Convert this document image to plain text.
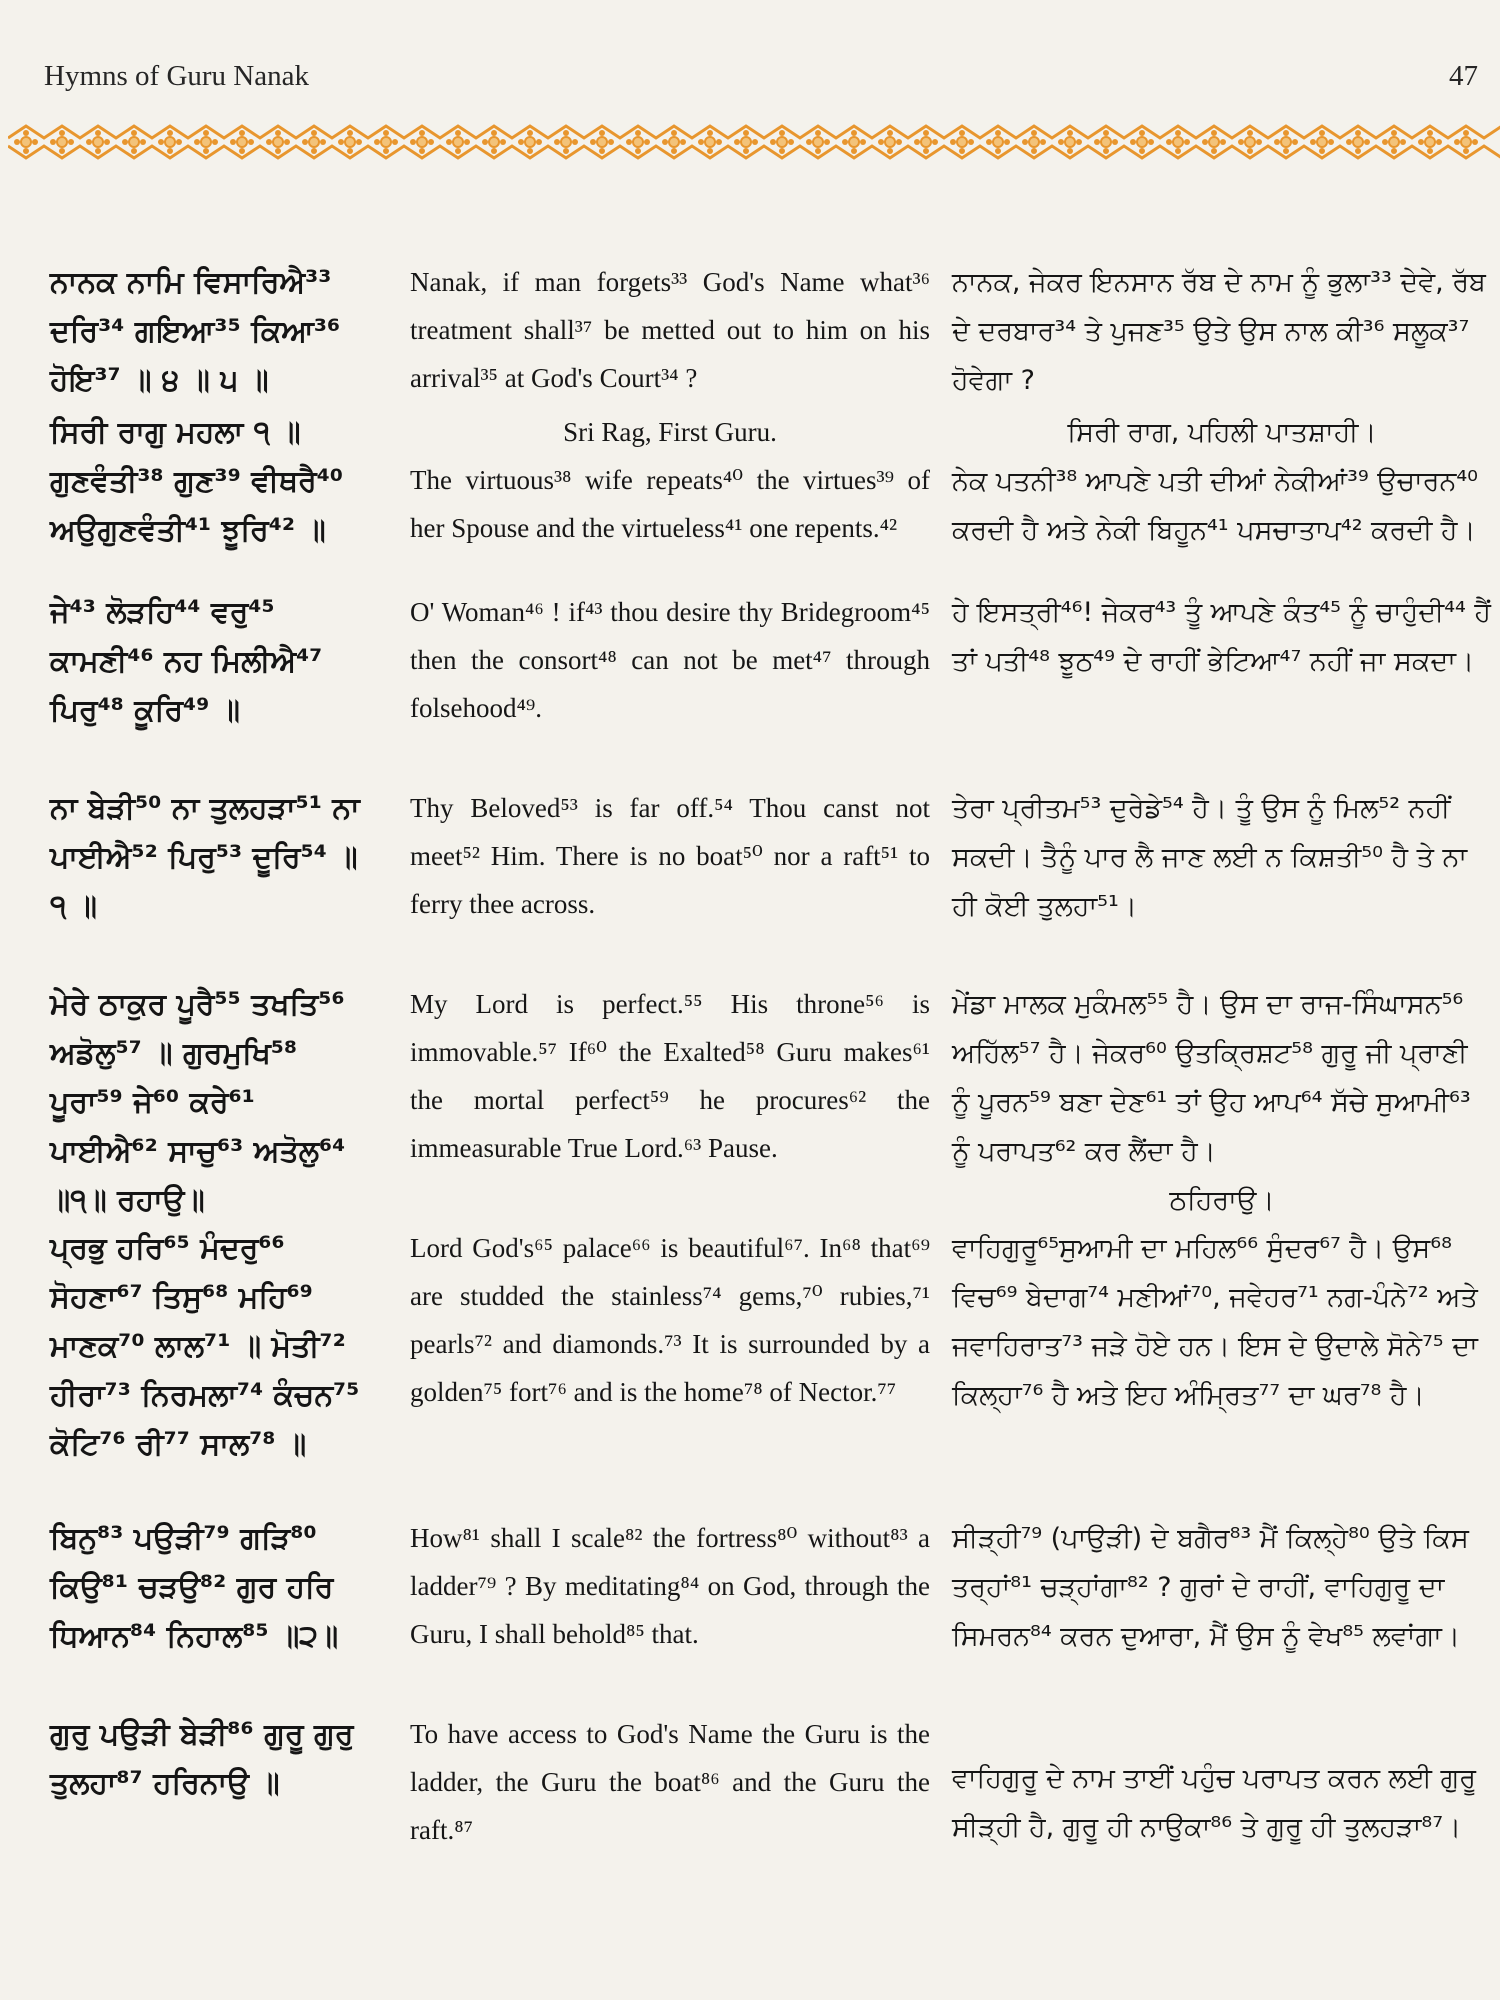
Hymns of Guru Nanak	47
ਨਾਨਕ ਨਾਮਿ ਵਿਸਾਰਿਐ³³ ਦਰਿ³⁴ ਗਇਆ³⁵ ਕਿਆ³⁶ ਹੋਇ³⁷ ॥ ੪ ॥ ੫ ॥
Nanak, if man forgets³³ God's Name what³⁶ treatment shall³⁷ be metted out to him on his arrival³⁵ at God's Court³⁴ ?
ਨਾਨਕ, ਜੇਕਰ ਇਨਸਾਨ ਰੱਬ ਦੇ ਨਾਮ ਨੂੰ ਭੁਲਾ³³ ਦੇਵੇ, ਰੱਬ ਦੇ ਦਰਬਾਰ³⁴ ਤੇ ਪੁਜਣ³⁵ ਉਤੇ ਉਸ ਨਾਲ ਕੀ³⁶ ਸਲੂਕ³⁷ ਹੋਵੇਗਾ ?
ਸਿਰੀ ਰਾਗੁ ਮਹਲਾ ੧ ॥ ਗੁਣਵੰਤੀ³⁸ ਗੁਣ³⁹ ਵੀਥਰੈ⁴⁰ ਅਉਗੁਣਵੰਤੀ⁴¹ ਝੂਰਿ⁴² ॥
Sri Rag, First Guru.
The virtuous³⁸ wife repeats⁴⁰ the virtues³⁹ of her Spouse and the virtueless⁴¹ one repents.⁴²
ਸਿਰੀ ਰਾਗ, ਪਹਿਲੀ ਪਾਤਸ਼ਾਹੀ।
ਨੇਕ ਪਤਨੀ³⁸ ਆਪਣੇ ਪਤੀ ਦੀਆਂ ਨੇਕੀਆਂ³⁹ ਉਚਾਰਨ⁴⁰ ਕਰਦੀ ਹੈ ਅਤੇ ਨੇਕੀ ਬਿਹੂਨ⁴¹ ਪਸਚਾਤਾਪ⁴² ਕਰਦੀ ਹੈ।
ਜੇ⁴³ ਲੋੜਹਿ⁴⁴ ਵਰੁ⁴⁵ ਕਾਮਣੀ⁴⁶ ਨਹ ਮਿਲੀਐ⁴⁷ ਪਿਰੁ⁴⁸ ਕੂਰਿ⁴⁹ ॥
O' Woman⁴⁶ ! if⁴³ thou desire thy Bridegroom⁴⁵ then the consort⁴⁸ can not be met⁴⁷ through folsehood⁴⁹.
ਹੇ ਇਸਤ੍ਰੀ⁴⁶! ਜੇਕਰ⁴³ ਤੂੰ ਆਪਣੇ ਕੰਤ⁴⁵ ਨੂੰ ਚਾਹੁੰਦੀ⁴⁴ ਹੈਂ ਤਾਂ ਪਤੀ⁴⁸ ਝੂਠ⁴⁹ ਦੇ ਰਾਹੀਂ ਭੇਟਿਆ⁴⁷ ਨਹੀਂ ਜਾ ਸਕਦਾ।
ਨਾ ਬੇੜੀ⁵⁰ ਨਾ ਤੁਲਹੜਾ⁵¹ ਨਾ ਪਾਈਐ⁵² ਪਿਰੁ⁵³ ਦੂਰਿ⁵⁴ ॥ ੧ ॥
Thy Beloved⁵³ is far off.⁵⁴ Thou canst not meet⁵² Him. There is no boat⁵⁰ nor a raft⁵¹ to ferry thee across.
ਤੇਰਾ ਪ੍ਰੀਤਮ⁵³ ਦੁਰੇਡੇ⁵⁴ ਹੈ। ਤੂੰ ਉਸ ਨੂੰ ਮਿਲ⁵² ਨਹੀਂ ਸਕਦੀ। ਤੈਨੂੰ ਪਾਰ ਲੈ ਜਾਣ ਲਈ ਨ ਕਿਸ਼ਤੀ⁵⁰ ਹੈ ਤੇ ਨਾ ਹੀ ਕੋਈ ਤੁਲਹਾ⁵¹।
ਮੇਰੇ ਠਾਕੁਰ ਪੂਰੈ⁵⁵ ਤਖਤਿ⁵⁶ ਅਡੋਲੁ⁵⁷ ॥ ਗੁਰਮੁਖਿ⁵⁸ ਪੂਰਾ⁵⁹ ਜੇ⁶⁰ ਕਰੇ⁶¹ ਪਾਈਐ⁶² ਸਾਚੁ⁶³ ਅਤੋਲੁ⁶⁴ ॥੧॥ ਰਹਾਉ॥
My Lord is perfect.⁵⁵ His throne⁵⁶ is immovable.⁵⁷ If⁶⁰ the Exalted⁵⁸ Guru makes⁶¹ the mortal perfect⁵⁹ he procures⁶² the immeasurable True Lord.⁶³ Pause.
ਮੇਂਡਾ ਮਾਲਕ ਮੁਕੰਮਲ⁵⁵ ਹੈ। ਉਸ ਦਾ ਰਾਜ-ਸਿੰਘਾਸਨ⁵⁶ ਅਹਿੱਲ⁵⁷ ਹੈ। ਜੇਕਰ⁶⁰ ਉਤਕ੍ਰਿਸ਼ਟ⁵⁸ ਗੁਰੂ ਜੀ ਪ੍ਰਾਣੀ ਨੂੰ ਪੂਰਨ⁵⁹ ਬਣਾ ਦੇਣ⁶¹ ਤਾਂ ਉਹ ਆਪ⁶⁴ ਸੱਚੇ ਸੁਆਮੀ⁶³ ਨੂੰ ਪਰਾਪਤ⁶² ਕਰ ਲੈਂਦਾ ਹੈ।
ਠਹਿਰਾਉ।
ਪ੍ਰਭੁ ਹਰਿ⁶⁵ ਮੰਦਰੁ⁶⁶ ਸੋਹਣਾ⁶⁷ ਤਿਸੁ⁶⁸ ਮਹਿ⁶⁹ ਮਾਣਕ⁷⁰ ਲਾਲ⁷¹ ॥ ਮੋਤੀ⁷² ਹੀਰਾ⁷³ ਨਿਰਮਲਾ⁷⁴ ਕੰਚਨ⁷⁵ ਕੋਟਿ⁷⁶ ਰੀ⁷⁷ ਸਾਲ⁷⁸ ॥
Lord God's⁶⁵ palace⁶⁶ is beautiful⁶⁷. In⁶⁸ that⁶⁹ are studded the stainless⁷⁴ gems,⁷⁰ rubies,⁷¹ pearls⁷² and diamonds.⁷³ It is surrounded by a golden⁷⁵ fort⁷⁶ and is the home⁷⁸ of Nector.⁷⁷
ਵਾਹਿਗੁਰੂ⁶⁵ਸੁਆਮੀ ਦਾ ਮਹਿਲ⁶⁶ ਸੁੰਦਰ⁶⁷ ਹੈ। ਉਸ⁶⁸ ਵਿਚ⁶⁹ ਬੇਦਾਗ⁷⁴ ਮਣੀਆਂ⁷⁰, ਜਵੇਹਰ⁷¹ ਨਗ-ਪੰਨੇ⁷² ਅਤੇ ਜਵਾਹਿਰਾਤ⁷³ ਜੜੇ ਹੋਏ ਹਨ। ਇਸ ਦੇ ਉਦਾਲੇ ਸੋਨੇ⁷⁵ ਦਾ ਕਿਲ੍ਹਾ⁷⁶ ਹੈ ਅਤੇ ਇਹ ਅੰਮ੍ਰਿਤ⁷⁷ ਦਾ ਘਰ⁷⁸ ਹੈ।
ਬਿਨੁ⁸³ ਪਉੜੀ⁷⁹ ਗੜਿ⁸⁰ ਕਿਉ⁸¹ ਚੜਉ⁸² ਗੁਰ ਹਰਿ ਧਿਆਨ⁸⁴ ਨਿਹਾਲ⁸⁵ ॥੨॥
How⁸¹ shall I scale⁸² the fortress⁸⁰ without⁸³ a ladder⁷⁹ ? By meditating⁸⁴ on God, through the Guru, I shall behold⁸⁵ that.
ਸੀੜ੍ਹੀ⁷⁹ (ਪਾਉੜੀ) ਦੇ ਬਗੈਰ⁸³ ਮੈਂ ਕਿਲ੍ਹੇ⁸⁰ ਉਤੇ ਕਿਸ ਤਰ੍ਹਾਂ⁸¹ ਚੜ੍ਹਾਂਗਾ⁸² ? ਗੁਰਾਂ ਦੇ ਰਾਹੀਂ, ਵਾਹਿਗੁਰੂ ਦਾ ਸਿਮਰਨ⁸⁴ ਕਰਨ ਦੁਆਰਾ, ਮੈਂ ਉਸ ਨੂੰ ਵੇਖ⁸⁵ ਲਵਾਂਗਾ।
ਗੁਰੁ ਪਉੜੀ ਬੇੜੀ⁸⁶ ਗੁਰੂ ਗੁਰੁ ਤੁਲਹਾ⁸⁷ ਹਰਿਨਾਉ ॥
To have access to God's Name the Guru is the ladder, the Guru the boat⁸⁶ and the Guru the raft.⁸⁷
ਵਾਹਿਗੁਰੂ ਦੇ ਨਾਮ ਤਾਈਂ ਪਹੁੰਚ ਪਰਾਪਤ ਕਰਨ ਲਈ ਗੁਰੂ ਸੀੜ੍ਹੀ ਹੈ, ਗੁਰੂ ਹੀ ਨਾਉਕਾ⁸⁶ ਤੇ ਗੁਰੂ ਹੀ ਤੁਲਹੜਾ⁸⁷।
